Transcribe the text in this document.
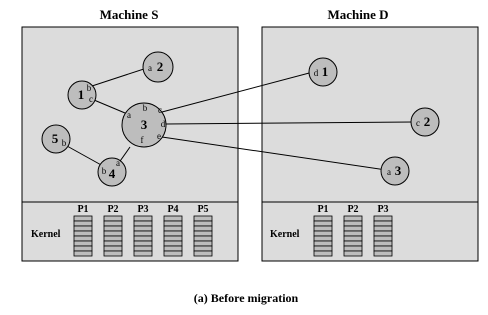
Machine S	Machine D
a 2
1 b
c
3
a
b c
d
e
f
5 b
b 4
a
d 1
c 2
a 3
Kernel	Kernel
P1 P2 P3 P4 P5	P1 P2 P3
(a) Before migration
